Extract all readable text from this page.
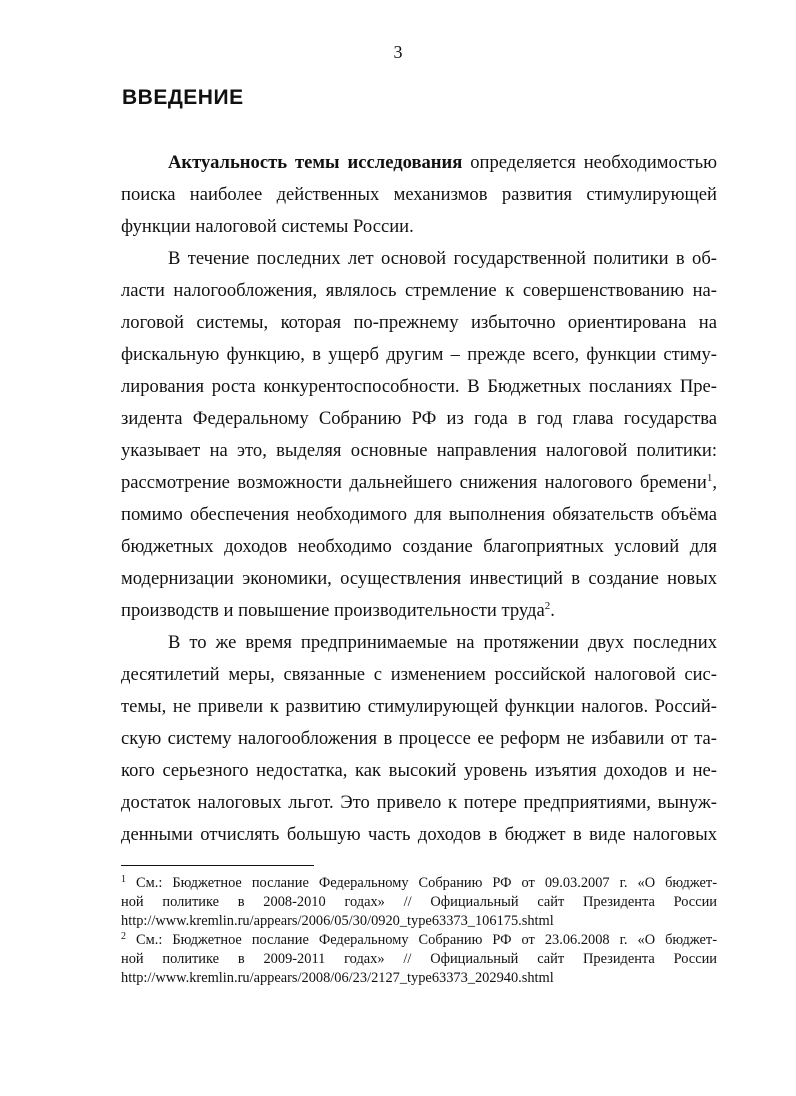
3
ВВЕДЕНИЕ
Актуальность темы исследования определяется необходимостью
поиска наиболее действенных механизмов развития стимулирующей
функции налоговой системы России.
В течение последних лет основой государственной политики в об-
ласти налогообложения, являлось стремление к совершенствованию на-
логовой системы, которая по-прежнему избыточно ориентирована на
фискальную функцию, в ущерб другим – прежде всего, функции стиму-
лирования роста конкурентоспособности. В Бюджетных посланиях Пре-
зидента Федеральному Собранию РФ из года в год глава государства
указывает на это, выделяя основные направления налоговой политики:
рассмотрение возможности дальнейшего снижения налогового бремени$^1$,
помимо обеспечения необходимого для выполнения обязательств объёма
бюджетных доходов необходимо создание благоприятных условий для
модернизации экономики, осуществления инвестиций в создание новых
производств и повышение производительности труда$^2$.
В то же время предпринимаемые на протяжении двух последних
десятилетий меры, связанные с изменением российской налоговой сис-
темы, не привели к развитию стимулирующей функции налогов. Россий-
скую систему налогообложения в процессе ее реформ не избавили от та-
кого серьезного недостатка, как высокий уровень изъятия доходов и не-
достаток налоговых льгот. Это привело к потере предприятиями, вынуж-
денными отчислять большую часть доходов в бюджет в виде налоговых
$^1$ См.: Бюджетное послание Федеральному Собранию РФ от 09.03.2007 г. «О бюджет-
ной политике в 2008-2010 годах» // Официальный сайт Президента России
http://www.kremlin.ru/appears/2006/05/30/0920_type63373_106175.shtml
$^2$ См.: Бюджетное послание Федеральному Собранию РФ от 23.06.2008 г. «О бюджет-
ной политике в 2009-2011 годах» // Официальный сайт Президента России
http://www.kremlin.ru/appears/2008/06/23/2127_type63373_202940.shtml
